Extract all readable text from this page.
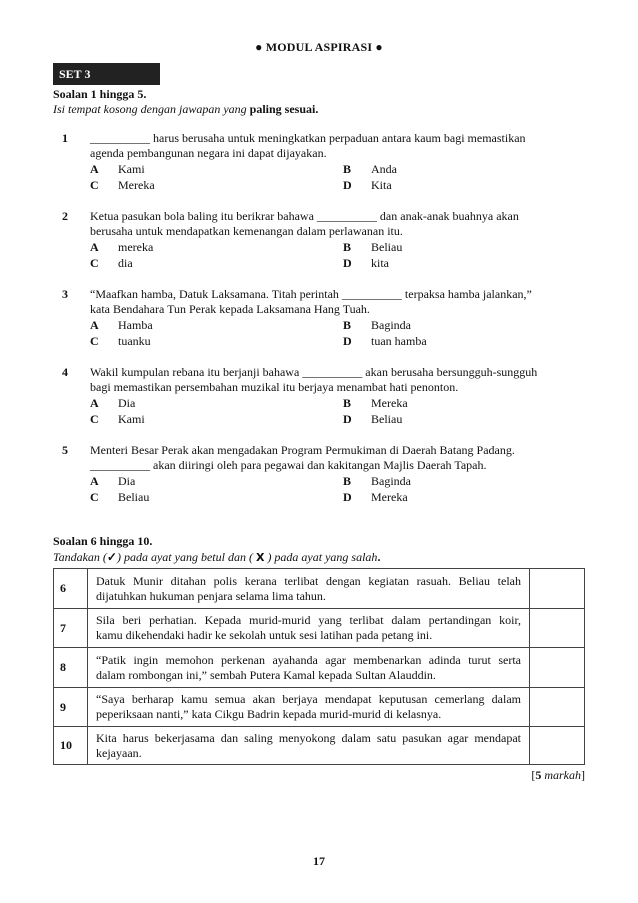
● MODUL ASPIRASI ●
SET 3
Soalan 1 hingga 5.
Isi tempat kosong dengan jawapan yang paling sesuai.
1 __________ harus berusaha untuk meningkatkan perpaduan antara kaum bagi memastikan
agenda pembangunan negara ini dapat dijayakan.
A Kami	B Anda
C Mereka	D Kita
2 Ketua pasukan bola baling itu berikrar bahawa __________ dan anak-anak buahnya akan
berusaha untuk mendapatkan kemenangan dalam perlawanan itu.
A mereka	B Beliau
C dia	D kita
3 “Maafkan hamba, Datuk Laksamana. Titah perintah __________ terpaksa hamba jalankan,”
kata Bendahara Tun Perak kepada Laksamana Hang Tuah.
A Hamba	B Baginda
C tuanku	D tuan hamba
4 Wakil kumpulan rebana itu berjanji bahawa __________ akan berusaha bersungguh-sungguh
bagi memastikan persembahan muzikal itu berjaya menambat hati penonton.
A Dia	B Mereka
C Kami	D Beliau
5 Menteri Besar Perak akan mengadakan Program Permukiman di Daerah Batang Padang.
__________ akan diiringi oleh para pegawai dan kakitangan Majlis Daerah Tapah.
A Dia	B Baginda
C Beliau	D Mereka
Soalan 6 hingga 10.
Tandakan (✓) pada ayat yang betul dan ( X ) pada ayat yang salah.
6	Datuk Munir ditahan polis kerana terlibat dengan kegiatan rasuah. Beliau telah
dijatuhkan hukuman penjara selama lima tahun.	

7	Sila beri perhatian. Kepada murid-murid yang terlibat dalam pertandingan koir,
kamu dikehendaki hadir ke sekolah untuk sesi latihan pada petang ini.	

8	“Patik ingin memohon perkenan ayahanda agar membenarkan adinda turut serta
dalam rombongan ini,” sembah Putera Kamal kepada Sultan Alauddin.	

9	“Saya berharap kamu semua akan berjaya mendapat keputusan cemerlang dalam
peperiksaan nanti,” kata Cikgu Badrin kepada murid-murid di kelasnya.	

10	Kita harus bekerjasama dan saling menyokong dalam satu pasukan agar mendapat
kejayaan.	

[5 markah]
17
